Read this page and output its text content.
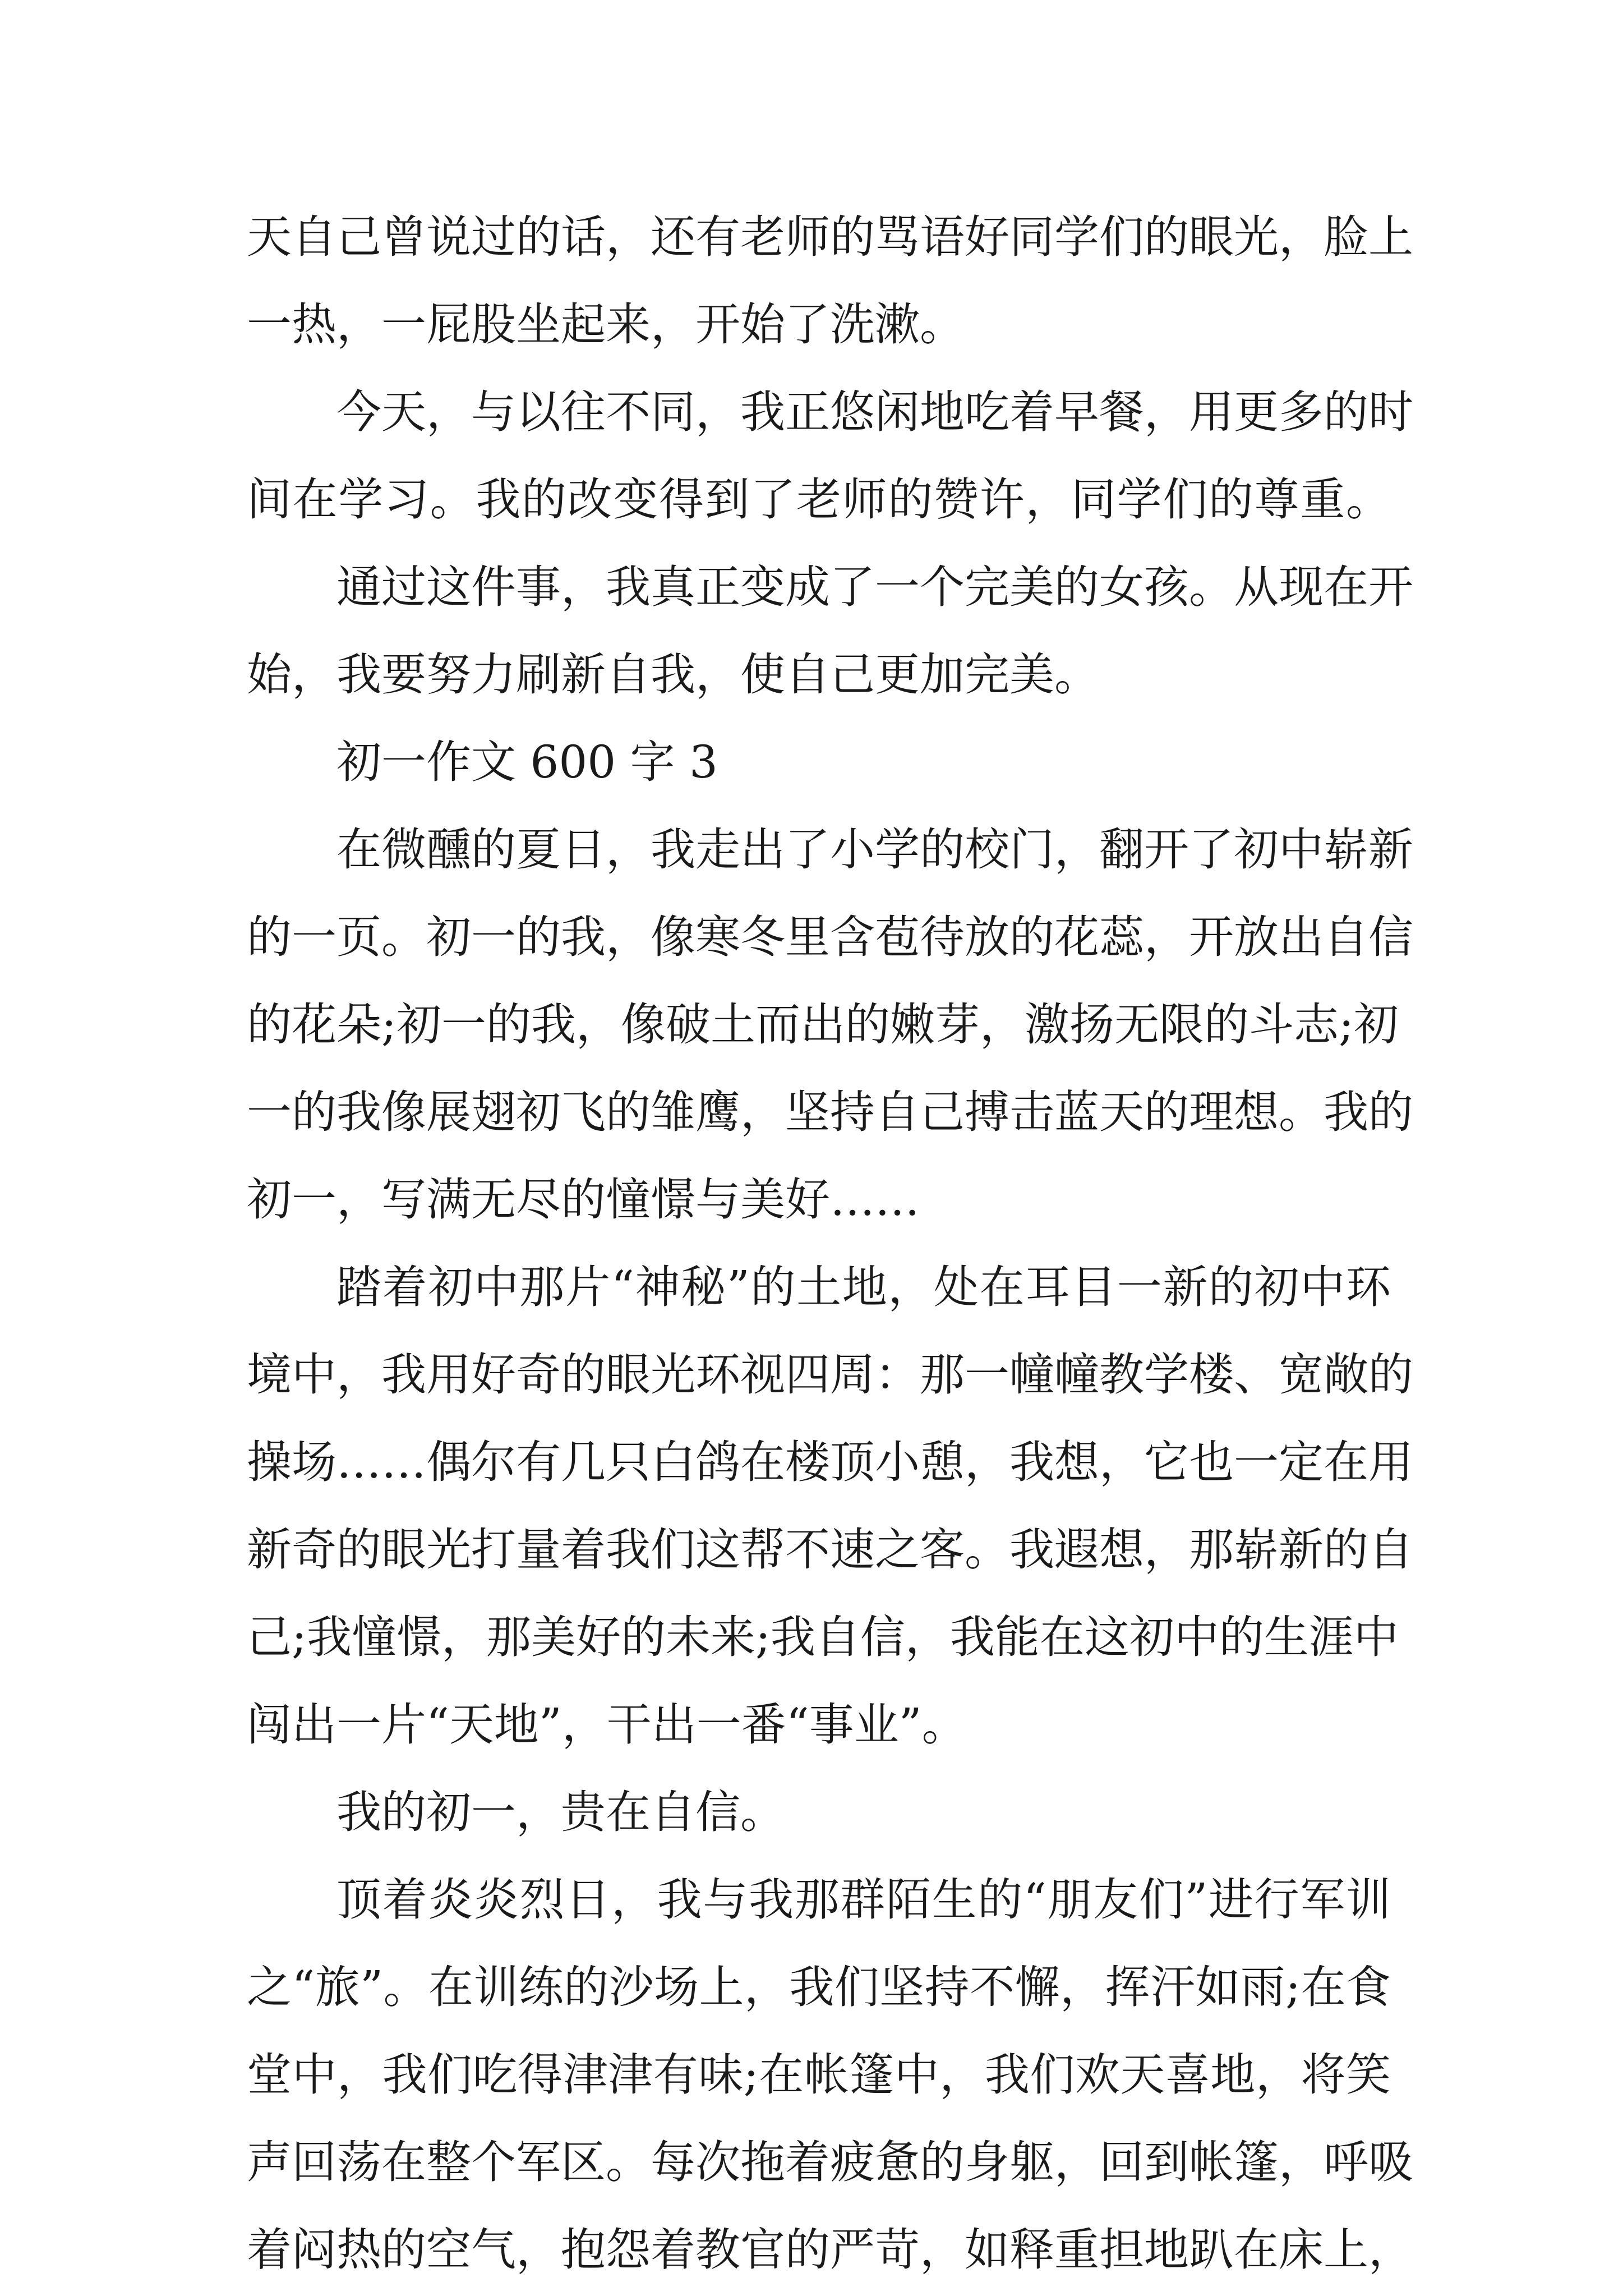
天自己曾说过的话，还有老师的骂语好同学们的眼光，脸上
一热，一屁股坐起来，开始了洗漱。
今天，与以往不同，我正悠闲地吃着早餐，用更多的时
间在学习。我的改变得到了老师的赞许，同学们的尊重。
通过这件事，我真正变成了一个完美的女孩。从现在开
始，我要努力刷新自我，使自己更加完美。
初一作文 600 字 3
在微醺的夏日，我走出了小学的校门，翻开了初中崭新
的一页。初一的我，像寒冬里含苞待放的花蕊，开放出自信
的花朵;初一的我，像破土而出的嫩芽，激扬无限的斗志;初
一的我像展翅初飞的雏鹰，坚持自己搏击蓝天的理想。我的
初一，写满无尽的憧憬与美好……
踏着初中那片“神秘”的土地，处在耳目一新的初中环
境中，我用好奇的眼光环视四周：那一幢幢教学楼、宽敞的
操场……偶尔有几只白鸽在楼顶小憩，我想，它也一定在用
新奇的眼光打量着我们这帮不速之客。我遐想，那崭新的自
己;我憧憬，那美好的未来;我自信，我能在这初中的生涯中
闯出一片“天地”，干出一番“事业”。
我的初一，贵在自信。
顶着炎炎烈日，我与我那群陌生的“朋友们”进行军训
之“旅”。在训练的沙场上，我们坚持不懈，挥汗如雨;在食
堂中，我们吃得津津有味;在帐篷中，我们欢天喜地，将笑
声回荡在整个军区。每次拖着疲惫的身躯，回到帐篷，呼吸
着闷热的空气，抱怨着教官的严苛，如释重担地趴在床上，
